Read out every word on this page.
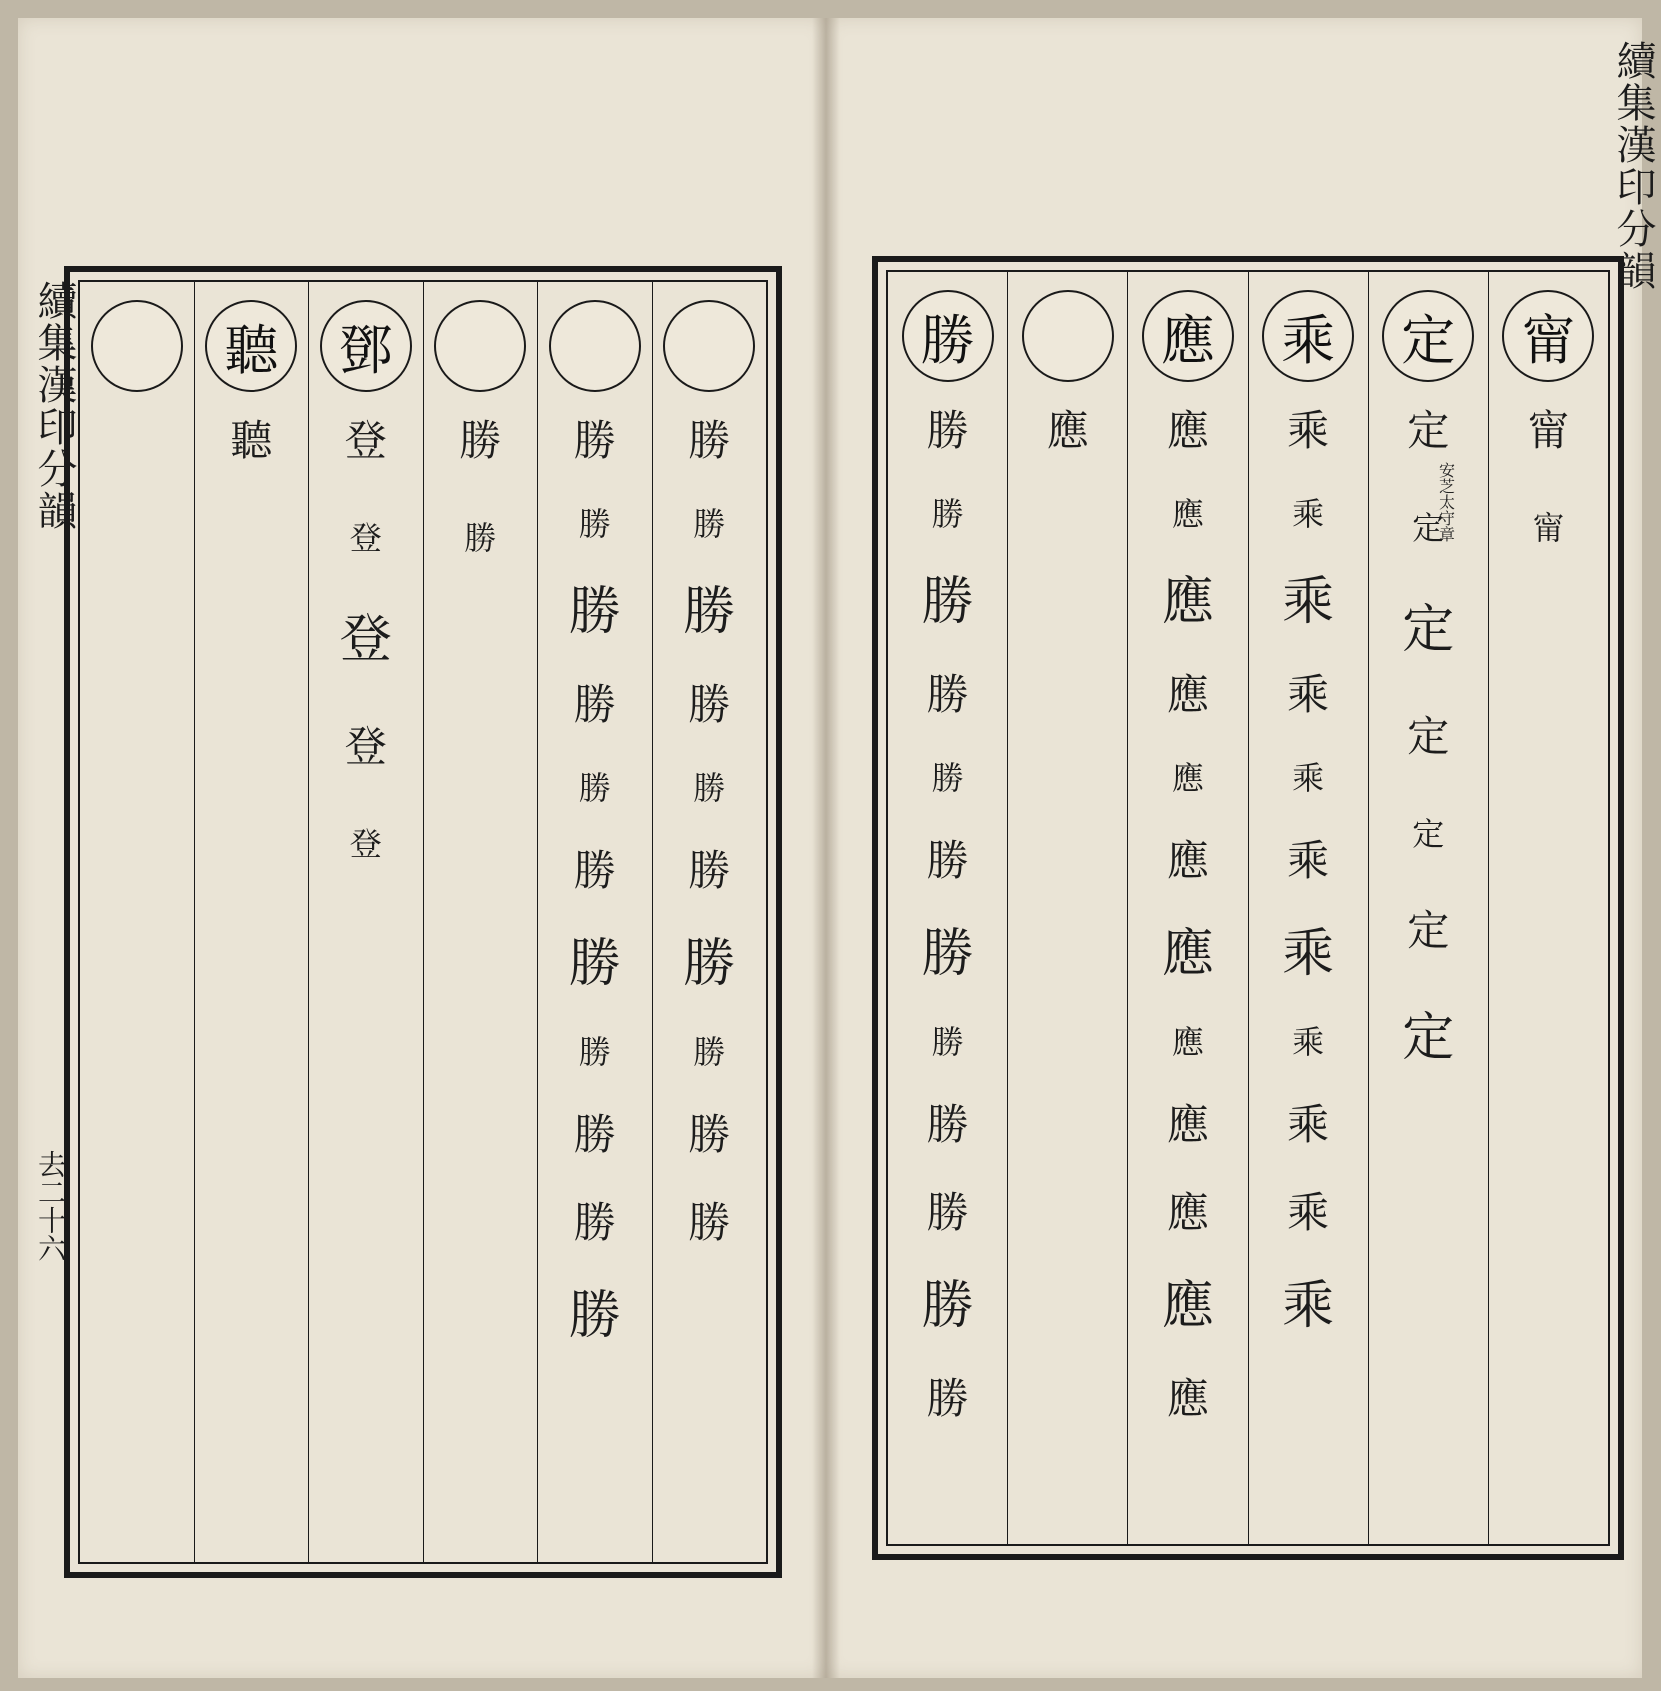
續集漢印分韻
去二十六
續集漢印分韻
聽
聽
鄧
登
登
登
登
登
勝
勝
勝
勝
勝
勝
勝
勝
勝
勝
勝
勝
勝
勝
勝
勝
勝
勝
勝
勝
勝
勝
勝
勝
勝
勝
勝
勝
勝
勝
勝
勝
勝
勝
勝
勝
應
應
應
應
應
應
應
應
應
應
應
應
應
應
乘
乘
乘
乘
乘
乘
乘
乘
乘
乘
乘
乘
定
定
定
定
定
定
定
定
安芝太守章
甯
甯
甯
